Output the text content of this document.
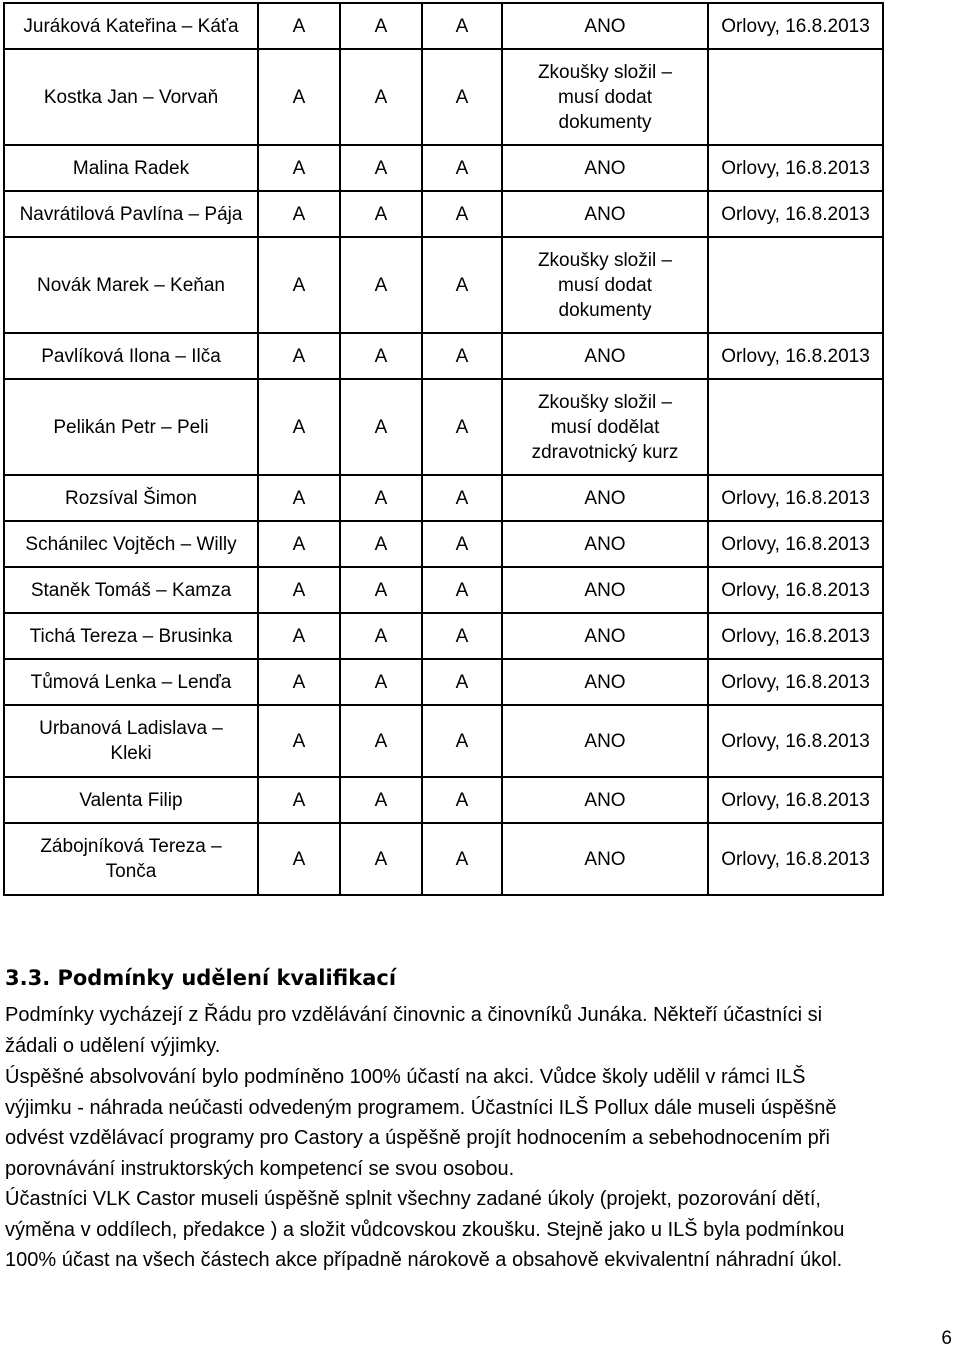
Juráková Kateřina – Káťa	A	A	A	ANO	Orlovy, 16.8.2013
Kostka Jan – Vorvaň	A	A	A	Zkoušky složil – musí dodat dokumenty	
Malina Radek	A	A	A	ANO	Orlovy, 16.8.2013
Navrátilová Pavlína – Pája	A	A	A	ANO	Orlovy, 16.8.2013
Novák Marek – Keňan	A	A	A	Zkoušky složil – musí dodat dokumenty	
Pavlíková Ilona – Ilča	A	A	A	ANO	Orlovy, 16.8.2013
Pelikán Petr – Peli	A	A	A	Zkoušky složil – musí dodělat zdravotnický kurz	
Rozsíval Šimon	A	A	A	ANO	Orlovy, 16.8.2013
Schánilec Vojtěch – Willy	A	A	A	ANO	Orlovy, 16.8.2013
Staněk Tomáš – Kamza	A	A	A	ANO	Orlovy, 16.8.2013
Tichá Tereza – Brusinka	A	A	A	ANO	Orlovy, 16.8.2013
Tůmová Lenka – Lenďa	A	A	A	ANO	Orlovy, 16.8.2013
Urbanová Ladislava – Kleki	A	A	A	ANO	Orlovy, 16.8.2013
Valenta Filip	A	A	A	ANO	Orlovy, 16.8.2013
Zábojníková Tereza – Tonča	A	A	A	ANO	Orlovy, 16.8.2013
3.3. Podmínky udělení kvalifikací

Podmínky vycházejí z Řádu pro vzdělávání činovnic a činovníků Junáka. Někteří účastníci si
žádali o udělení výjimky.

Úspěšné absolvování bylo podmíněno 100% účastí na akci. Vůdce školy udělil v rámci ILŠ
výjimku - náhrada neúčasti odvedeným programem. Účastníci ILŠ Pollux dále museli úspěšně
odvést vzdělávací programy pro Castory a úspěšně projít hodnocením a sebehodnocením při
porovnávání instruktorských kompetencí se svou osobou.

Účastníci VLK Castor museli úspěšně splnit všechny zadané úkoly (projekt, pozorování dětí,
výměna v oddílech, předakce ) a složit vůdcovskou zkoušku. Stejně jako u ILŠ byla podmínkou
100% účast na všech částech akce případně nárokově a obsahově ekvivalentní náhradní úkol.

6
